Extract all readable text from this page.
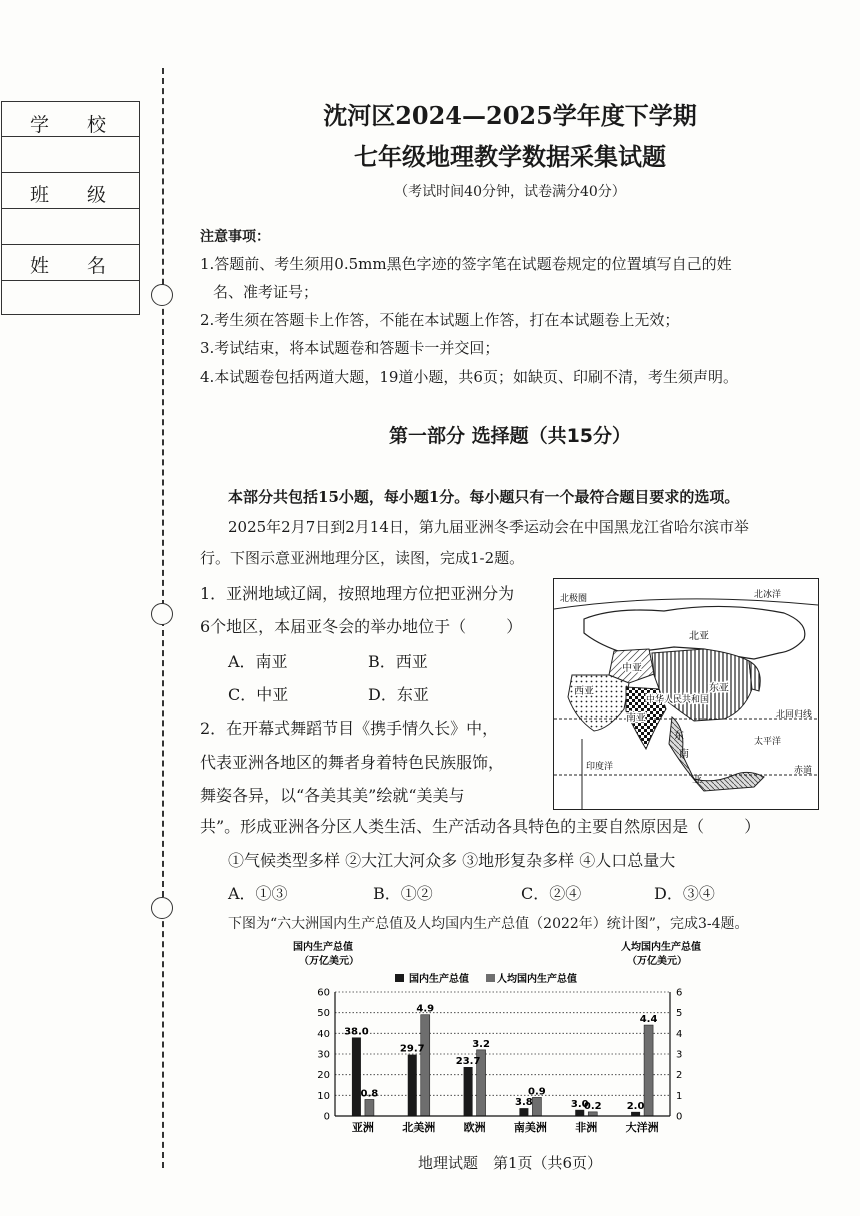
学　　校
班　　级
姓　　名
沈河区2024—2025学年度下学期
七年级地理教学数据采集试题
（考试时间40分钟，试卷满分40分）
注意事项：
1.答题前、考生须用0.5mm黑色字迹的签字笔在试题卷规定的位置填写自己的姓
名、准考证号；
2.考生须在答题卡上作答，不能在本试题上作答，打在本试题卷上无效；
3.考试结束，将本试题卷和答题卡一并交回；
4.本试题卷包括两道大题，19道小题，共6页；如缺页、印刷不清，考生须声明。
第一部分 选择题（共15分）
本部分共包括15小题，每小题1分。每小题只有一个最符合题目要求的选项。
2025年2月7日到2月14日，第九届亚洲冬季运动会在中国黑龙江省哈尔滨市举
行。下图示意亚洲地理分区，读图，完成1-2题。
1．亚洲地域辽阔，按照地理方位把亚洲分为
6个地区，本届亚冬会的举办地位于（	）
A．南亚	B．西亚
C．中亚	D．东亚
2．在开幕式舞蹈节目《携手情久长》中，
代表亚洲各地区的舞者身着特色民族服饰，
舞姿各异，以“各美其美”绘就“美美与
共”。形成亚洲各分区人类生活、生产活动各具特色的主要自然原因是（	）
①气候类型多样 ②大江大河众多 ③地形复杂多样 ④人口总量大
A．①③	B．①②	C．②④	D．③④
北极圈	北冰洋
北亚
中亚
西亚
中华人民共和国
东亚
南亚
东
南
亚
北回归线
太平洋
印度洋	赤道
下图为“六大洲国内生产总值及人均国内生产总值（2022年）统计图”，完成3-4题。
国内生产总值
（万亿美元）
人均国内生产总值
（万亿美元）
国内生产总值	人均国内生产总值
38.0
0.8
29.7
4.9
23.7
3.2
3.8
0.9
3.0
0.2	2.0
4.4
0	0
10	1
20	2
30	3
40	4
50	5
60	6
亚洲	北美洲	欧洲	南美洲	非洲	大洋洲
地理试题　第1页（共6页）
